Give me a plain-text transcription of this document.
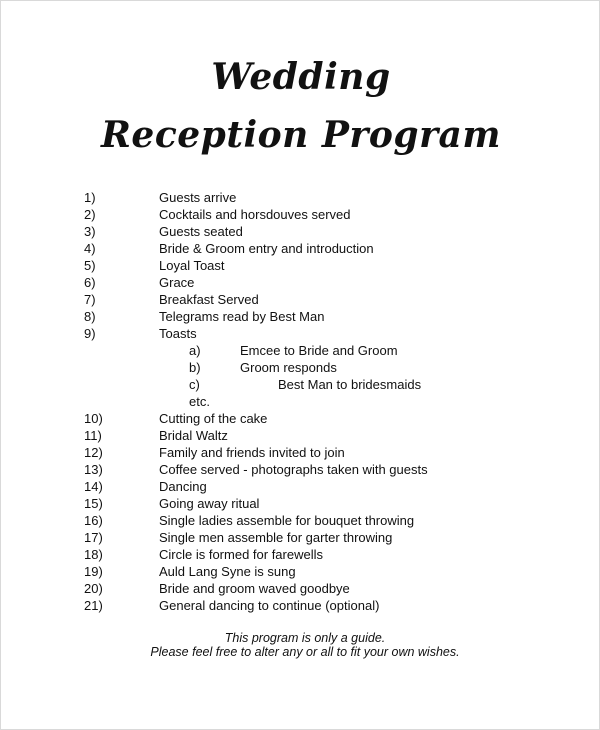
Wedding
Reception Program
1)	Guests arrive
2)	Cocktails and horsdouves served
3)	Guests seated
4)	Bride & Groom entry and introduction
5)	Loyal Toast
6)	Grace
7)	Breakfast Served
8)	Telegrams read by Best Man
9)	Toasts
a)	Emcee to Bride and Groom
b)	Groom responds
c)	Best Man to bridesmaids
etc.
10)	Cutting of the cake
11)	Bridal Waltz
12)	Family and friends invited to join
13)	Coffee served - photographs taken with guests
14)	Dancing
15)	Going away ritual
16)	Single ladies assemble for bouquet throwing
17)	Single men assemble for garter throwing
18)	Circle is formed for farewells
19)	Auld Lang Syne is sung
20)	Bride and groom waved goodbye
21)	General dancing to continue (optional)
This program is only a guide.
Please feel free to alter any or all to fit your own wishes.
